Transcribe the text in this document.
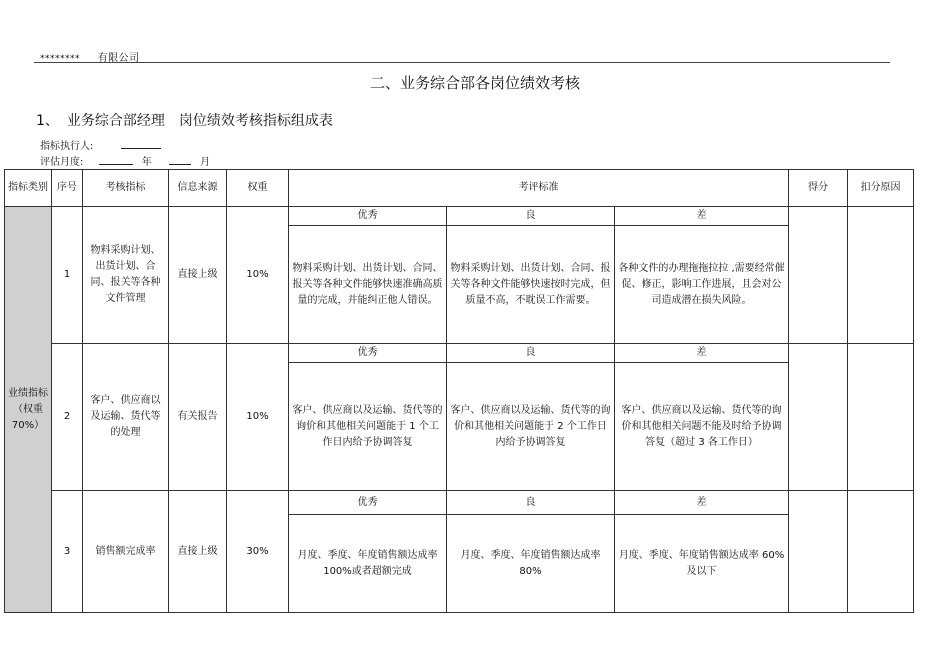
******** 有限公司
二、业务综合部各岗位绩效考核
1、 业务综合部经理 岗位绩效考核指标组成表
指标执行人:
评估月度:	年	月
指标类别	序号	考核指标	信息来源	权重	考评标准			得分	扣分原因
业绩指标（权重70%）	1	物料采购计划、出货计划、合同、报关等各种文件管理	直接上级	10%	优秀	良	差		
					物料采购计划、出货计划、合同、报关等各种文件能够快速准确高质量的完成，并能纠正他人错误。	物料采购计划、出货计划、合同、报关等各种文件能够快速按时完成，但质量不高，不耽误工作需要。	各种文件的办理拖拖拉拉 ,需要经常催促、修正，影响工作进展，且会对公司造成潜在损失风险。		
	2	客户、供应商以及运输、货代等的处理	有关报告	10%	优秀	良	差		
					客户、供应商以及运输、货代等的询价和其他相关问题能于 1 个工作日内给予协调答复	客户、供应商以及运输、货代等的询价和其他相关问题能于 2 个工作日内给予协调答复	客户、供应商以及运输、货代等的询价和其他相关问题不能及时给予协调答复（超过 3 各工作日）		
	3	销售额完成率	直接上级	30%	优秀	良	差		
					月度、季度、年度销售额达成率 100%或者超额完成	月度、季度、年度销售额达成率 80%	月度、季度、年度销售额达成率 60%及以下		
